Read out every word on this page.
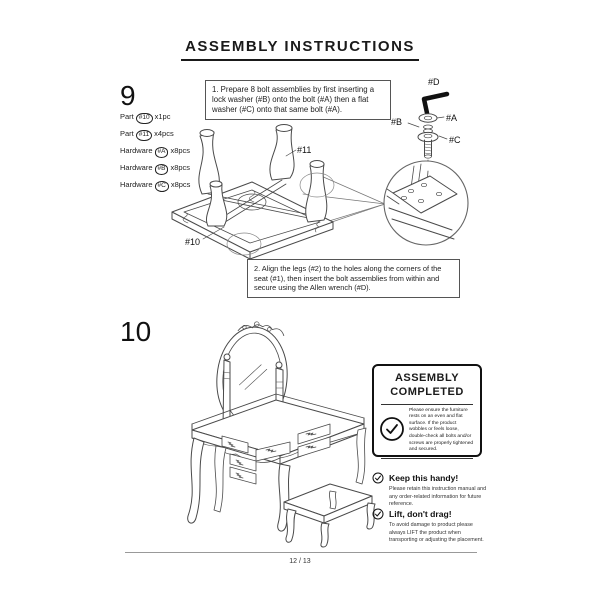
ASSEMBLY INSTRUCTIONS
9
Part #10 x1pc
Part #11 x4pcs
Hardware #A x8pcs
Hardware #B x8pcs
Hardware #C x8pcs
1. Prepare 8 bolt assemblies by first inserting a lock washer (#B) onto the bolt (#A) then a flat washer (#C) onto that same bolt (#A).
#10
#11
#D
#A
#B
#C
2. Align the legs (#2) to the holes along the corners of the seat (#1), then insert the bolt assemblies from within and secure using the Allen wrench (#D).
10
ASSEMBLY
COMPLETED
Please ensure the furniture rests on an even and flat surface. If the product wobbles or feels loose, double-check all bolts and/or screws are properly tightened and secured.
Keep this handy!

Please retain this instruction manual and any order-related information for future reference.

Lift, don't drag!

To avoid damage to product please always LIFT the product when transporting or adjusting the placement.

12 / 13
